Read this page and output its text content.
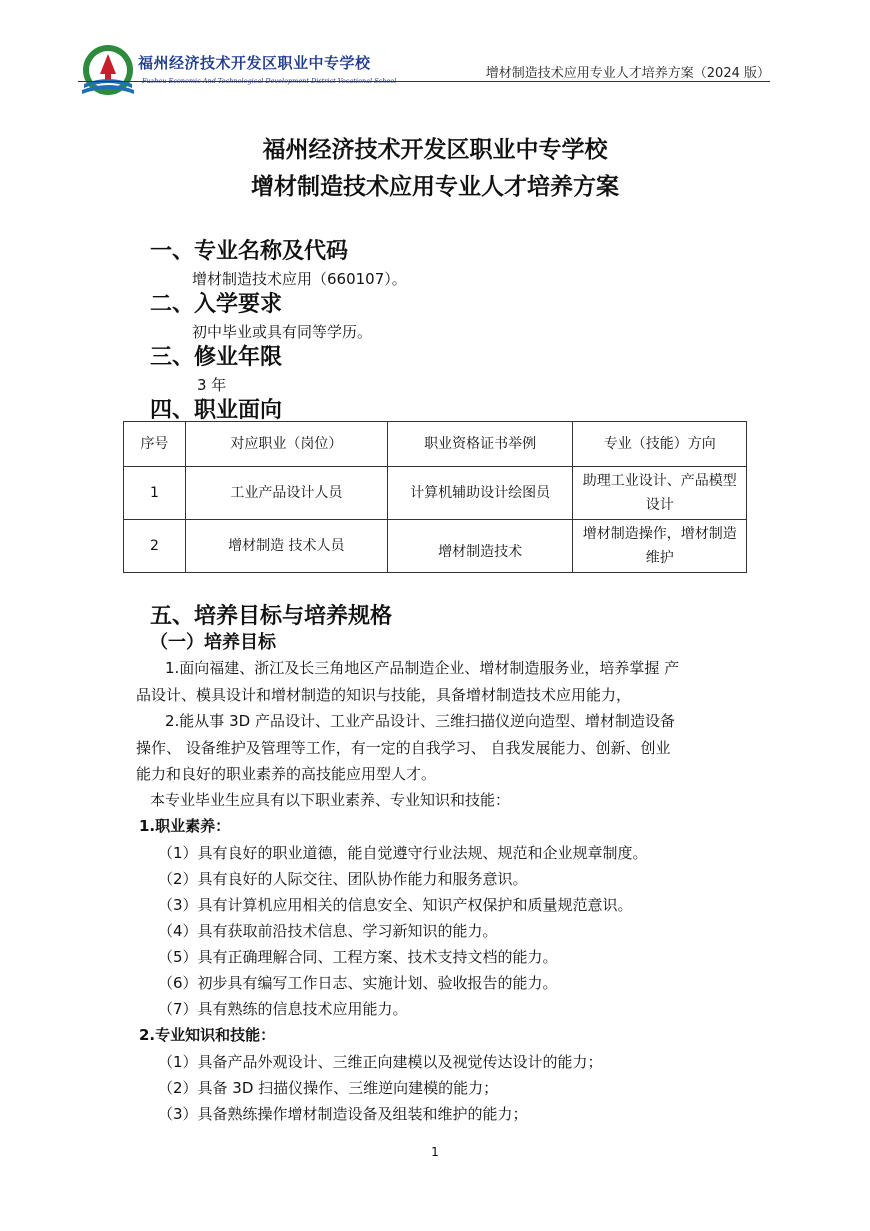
福州经济技术开发区职业中专学校
Fuzhou Economic And Technological Development District Vocational School	增材制造技术应用专业人才培养方案（2024 版）
福州经济技术开发区职业中专学校
增材制造技术应用专业人才培养方案
一、专业名称及代码
增材制造技术应用（660107）。
二、入学要求
初中毕业或具有同等学历。
三、修业年限
3 年
四、职业面向
序号	对应职业（岗位）	职业资格证书举例	专业（技能）方向
1	工业产品设计人员	计算机辅助设计绘图员	助理工业设计、产品模型设计
2	增材制造 技术人员	增材制造技术	增材制造操作，增材制造维护
五、培养目标与培养规格
（一）培养目标
1.面向福建、浙江及长三角地区产品制造企业、增材制造服务业，培养掌握 产
品设计、模具设计和增材制造的知识与技能，具备增材制造技术应用能力，
2.能从事 3D 产品设计、工业产品设计、三维扫描仪逆向造型、增材制造设备
操作、 设备维护及管理等工作，有一定的自我学习、 自我发展能力、创新、创业
能力和良好的职业素养的高技能应用型人才。
本专业毕业生应具有以下职业素养、专业知识和技能：
1.职业素养：
（1）具有良好的职业道德，能自觉遵守行业法规、规范和企业规章制度。
（2）具有良好的人际交往、团队协作能力和服务意识。
（3）具有计算机应用相关的信息安全、知识产权保护和质量规范意识。
（4）具有获取前沿技术信息、学习新知识的能力。
（5）具有正确理解合同、工程方案、技术支持文档的能力。
（6）初步具有编写工作日志、实施计划、验收报告的能力。
（7）具有熟练的信息技术应用能力。
2.专业知识和技能：
（1）具备产品外观设计、三维正向建模以及视觉传达设计的能力；
（2）具备 3D 扫描仪操作、三维逆向建模的能力；
（3）具备熟练操作增材制造设备及组装和维护的能力；
1
